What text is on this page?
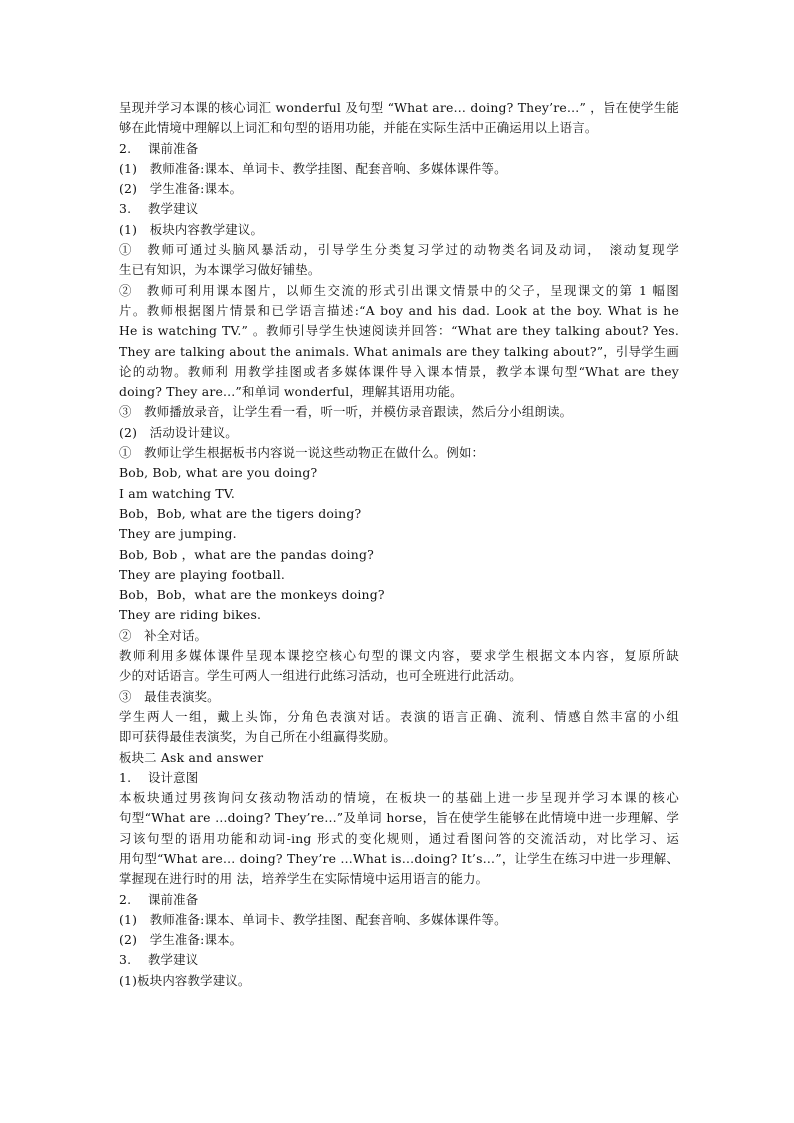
呈现并学习本课的核心词汇 wonderful 及句型 “What are… doing? They’re…” ，旨在使学生能
够在此情境中理解以上词汇和句型的语用功能，并能在实际生活中正确运用以上语言。
2.　 课前准备
(1)　教师准备:课本、单词卡、教学挂图、配套音响、多媒体课件等。
(2)　学生准备:课本。
3.　 教学建议
(1)　板块内容教学建议。
①　教师可通过头脑风暴活动，引导学生分类复习学过的动物类名词及动词，　滚动复现学
生已有知识，为本课学习做好铺垫。
②　教师可利用课本图片，以师生交流的形式引出课文情景中的父子，呈现课文的第 1 幅图
片。教师根据图片情景和已学语言描述:“A boy and his dad. Look at the boy. What is he
He is watching TV.” 。教师引导学生快速阅读并回答：“What are they talking about? Yes.
They are talking about the animals. What animals are they talking about?”，引导学生画
论的动物。教师利 用教学挂图或者多媒体课件导入课本情景，教学本课句型“What are they
doing? They are...”和单词 wonderful，理解其语用功能。
③　教师播放录音，让学生看一看，听一听，并模仿录音跟读，然后分小组朗读。
(2)　活动设计建议。
①　教师让学生根据板书内容说一说这些动物正在做什么。例如：
Bob, Bob, what are you doing?
I am watching TV.
Bob，Bob, what are the tigers doing?
They are jumping.
Bob, Bob ，what are the pandas doing?
They are playing football.
Bob，Bob，what are the monkeys doing?
They are riding bikes.
②　补全对话。
教师利用多媒体课件呈现本课挖空核心句型的课文内容，要求学生根据文本内容，复原所缺
少的对话语言。学生可两人一组进行此练习活动，也可全班进行此活动。
③　最佳表演奖。
学生两人一组，戴上头饰，分角色表演对话。表演的语言正确、流利、情感自然丰富的小组
即可获得最佳表演奖，为自己所在小组赢得奖励。
板块二 Ask and answer
1.　 设计意图
本板块通过男孩询问女孩动物活动的情境，在板块一的基础上进一步呈现并学习本课的核心
句型“What are …doing? They’re...”及单词 horse，旨在使学生能够在此情境中进一步理解、学
习该句型的语用功能和动词-ing 形式的变化规则，通过看图问答的交流活动，对比学习、运
用句型“What are… doing? They’re …What is…doing? It’s…”，让学生在练习中进一步理解、
掌握现在进行时的用 法，培养学生在实际情境中运用语言的能力。
2.　 课前准备
(1)　教师准备:课本、单词卡、教学挂图、配套音响、多媒体课件等。
(2)　学生准备:课本。
3.　 教学建议
(1)板块内容教学建议。
